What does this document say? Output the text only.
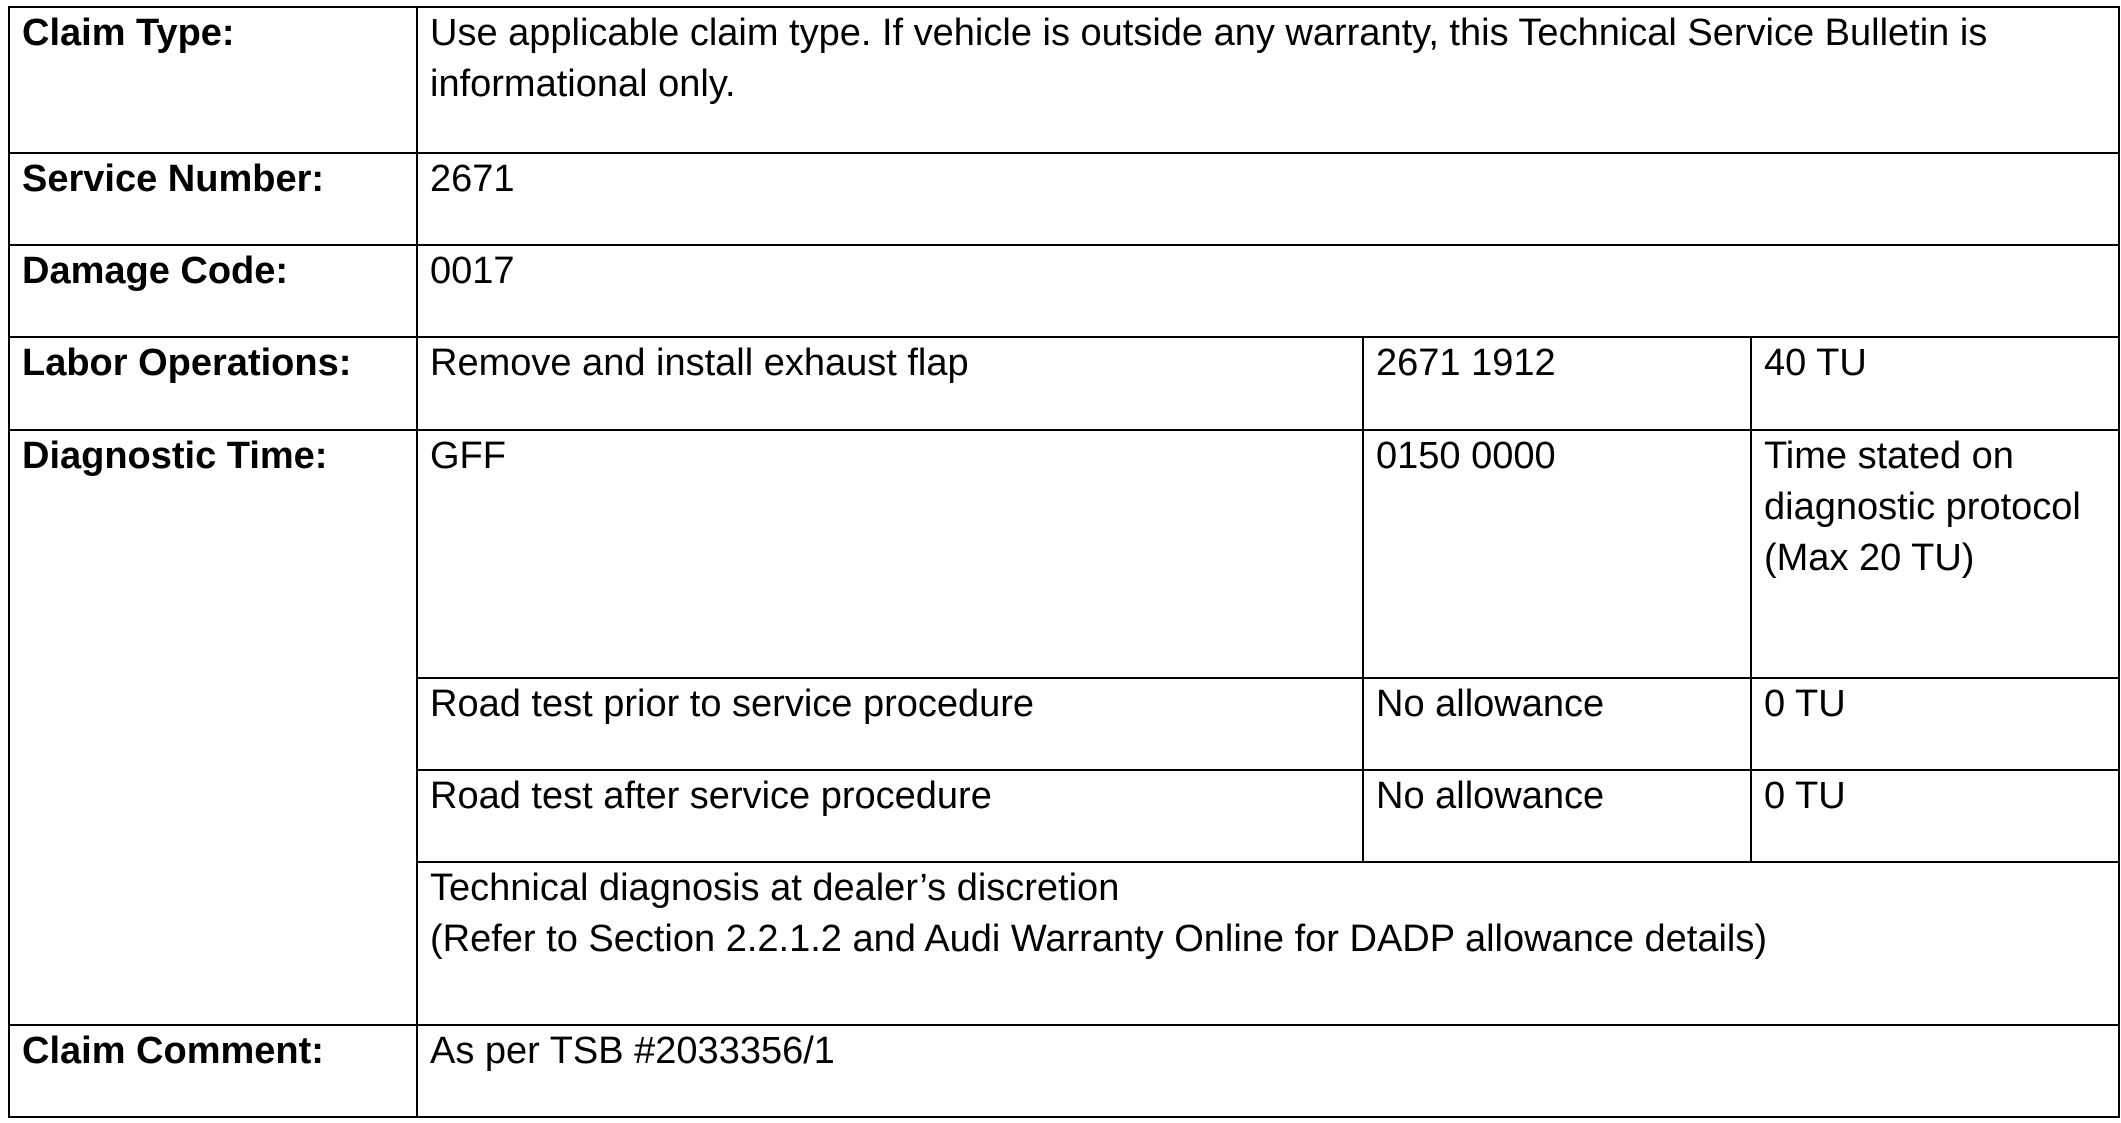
Claim Type:	Use applicable claim type. If vehicle is outside any warranty, this Technical Service Bulletin is informational only.		
Service Number:	2671		
Damage Code:	0017		
Labor Operations:	Remove and install exhaust flap	2671 1912	40 TU
Diagnostic Time:	GFF	0150 0000	Time stated on diagnostic protocol (Max 20 TU)
	Road test prior to service procedure	No allowance	0 TU
	Road test after service procedure	No allowance	0 TU

	Technical diagnosis at dealer’s discretion
(Refer to Section 2.2.1.2 and Audi Warranty Online for DADP allowance details)		

Claim Comment:	As per TSB #2033356/1		
